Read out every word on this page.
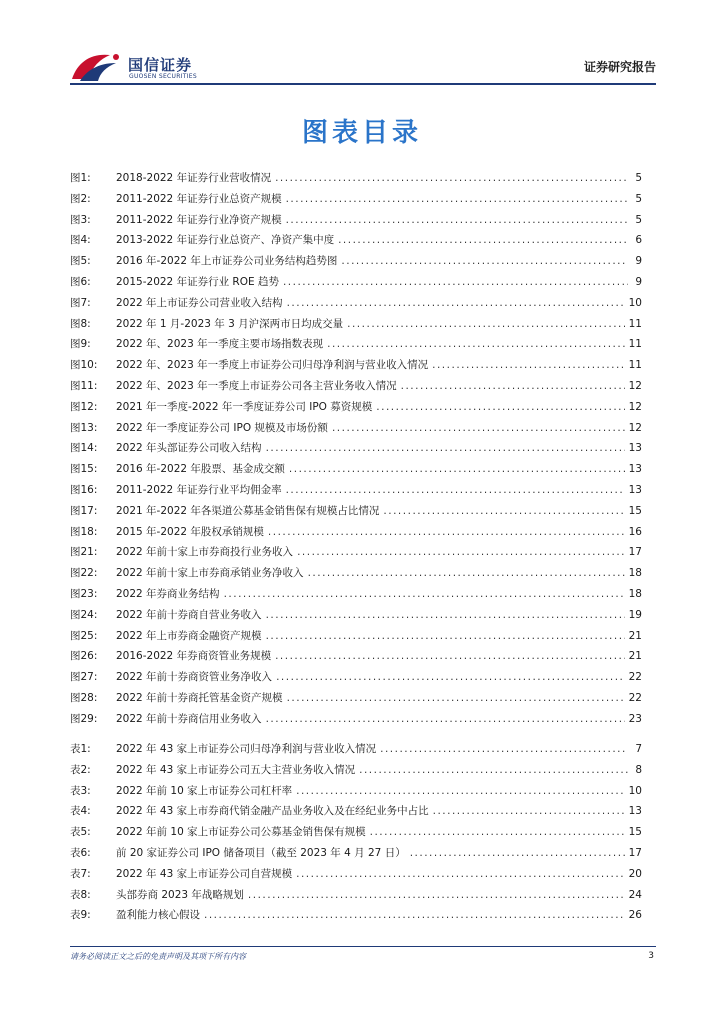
国信证券
GUOSEN SECURITIES
证券研究报告
图表目录
图1:	2018-2022 年证券行业营收情况 .....	5
图2:	2011-2022 年证券行业总资产规模 .....	5
图3:	2011-2022 年证券行业净资产规模 .....	5
图4:	2013-2022 年证券行业总资产、净资产集中度 .....	6
图5:	2016 年-2022 年上市证券公司业务结构趋势图 .....	9
图6:	2015-2022 年证券行业 ROE 趋势 .....	9
图7:	2022 年上市证券公司营业收入结构 .....	10
图8:	2022 年 1 月-2023 年 3 月沪深两市日均成交量 .....	11
图9:	2022 年、2023 年一季度主要市场指数表现 .....	11
图10:	2022 年、2023 年一季度上市证券公司归母净利润与营业收入情况 .....	11
图11:	2022 年、2023 年一季度上市证券公司各主营业务收入情况 .....	12
图12:	2021 年一季度-2022 年一季度证券公司 IPO 募资规模 .....	12
图13:	2022 年一季度证券公司 IPO 规模及市场份额 .....	12
图14:	2022 年头部证券公司收入结构 .....	13
图15:	2016 年-2022 年股票、基金成交额 .....	13
图16:	2011-2022 年证券行业平均佣金率 .....	13
图17:	2021 年-2022 年各渠道公募基金销售保有规模占比情况 .....	15
图18:	2015 年-2022 年股权承销规模 .....	16
图21:	2022 年前十家上市券商投行业务收入 .....	17
图22:	2022 年前十家上市券商承销业务净收入 .....	18
图23:	2022 年券商业务结构 .....	18
图24:	2022 年前十券商自营业务收入 .....	19
图25:	2022 年上市券商金融资产规模 .....	21
图26:	2016-2022 年券商资管业务规模 .....	21
图27:	2022 年前十券商资管业务净收入 .....	22
图28:	2022 年前十券商托管基金资产规模 .....	22
图29:	2022 年前十券商信用业务收入 .....	23
表1:	2022 年 43 家上市证券公司归母净利润与营业收入情况 .....	7
表2:	2022 年 43 家上市证券公司五大主营业务收入情况 .....	8
表3:	2022 年前 10 家上市证券公司杠杆率 .....	10
表4:	2022 年 43 家上市券商代销金融产品业务收入及在经纪业务中占比 .....	13
表5:	2022 年前 10 家上市证券公司公募基金销售保有规模 .....	15
表6:	前 20 家证券公司 IPO 储备项目（截至 2023 年 4 月 27 日） .....	17
表7:	2022 年 43 家上市证券公司自营规模 .....	20
表8:	头部券商 2023 年战略规划 .....	24
表9:	盈利能力核心假设 .....	26
请务必阅读正文之后的免责声明及其项下所有内容	3
